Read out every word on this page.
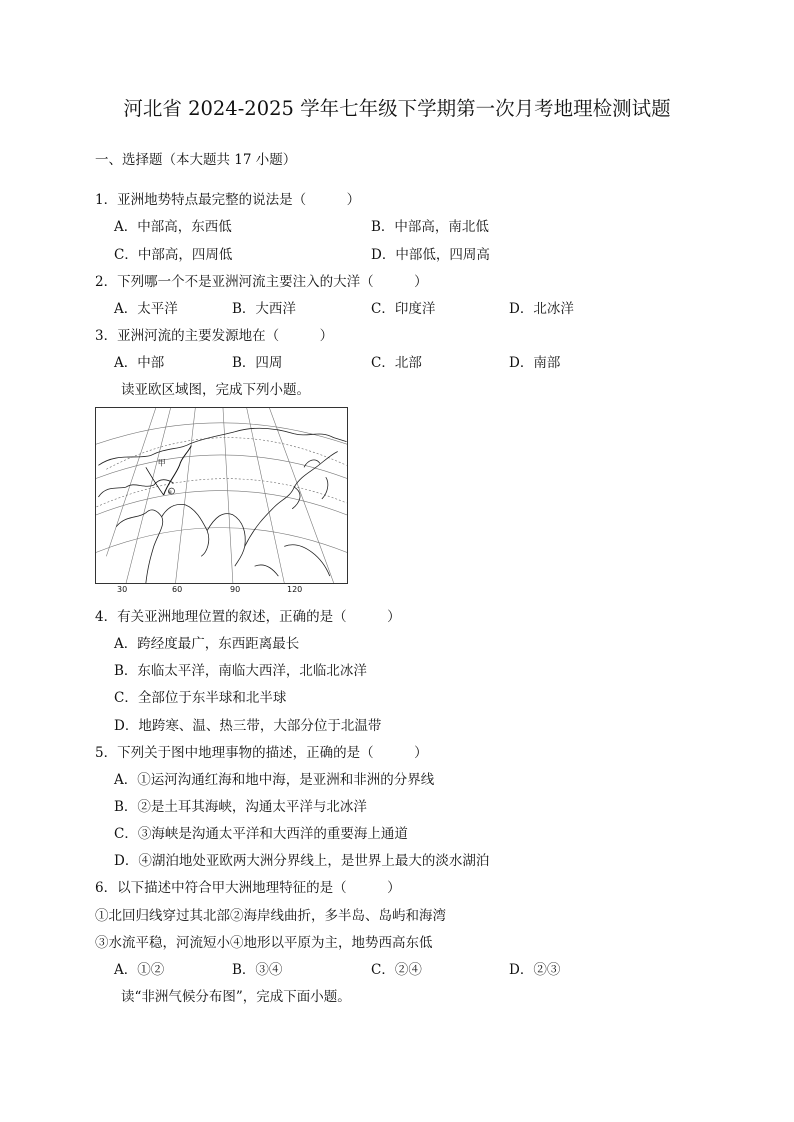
河北省 2024-2025 学年七年级下学期第一次月考地理检测试题
一、选择题（本大题共 17 小题）
1．亚洲地势特点最完整的说法是（　　　）
A．中部高，东西低	B．中部高，南北低
C．中部高，四周低	D．中部低，四周高
2．下列哪一个不是亚洲河流主要注入的大洋（　　　）
A．太平洋	B．大西洋	C．印度洋	D．北冰洋
3．亚洲河流的主要发源地在（　　　）
A．中部	B．四周	C．北部	D．南部
读亚欧区域图，完成下列小题。
④
甲
30	60	90	120
4．有关亚洲地理位置的叙述，正确的是（　　　）
A．跨经度最广，东西距离最长
B．东临太平洋，南临大西洋，北临北冰洋
C．全部位于东半球和北半球
D．地跨寒、温、热三带，大部分位于北温带
5．下列关于图中地理事物的描述，正确的是（　　　）
A．①运河沟通红海和地中海，是亚洲和非洲的分界线
B．②是土耳其海峡，沟通太平洋与北冰洋
C．③海峡是沟通太平洋和大西洋的重要海上通道
D．④湖泊地处亚欧两大洲分界线上，是世界上最大的淡水湖泊
6．以下描述中符合甲大洲地理特征的是（　　　）
①北回归线穿过其北部②海岸线曲折，多半岛、岛屿和海湾
③水流平稳，河流短小④地形以平原为主，地势西高东低
A．①②	B．③④	C．②④	D．②③
读“非洲气候分布图”，完成下面小题。
